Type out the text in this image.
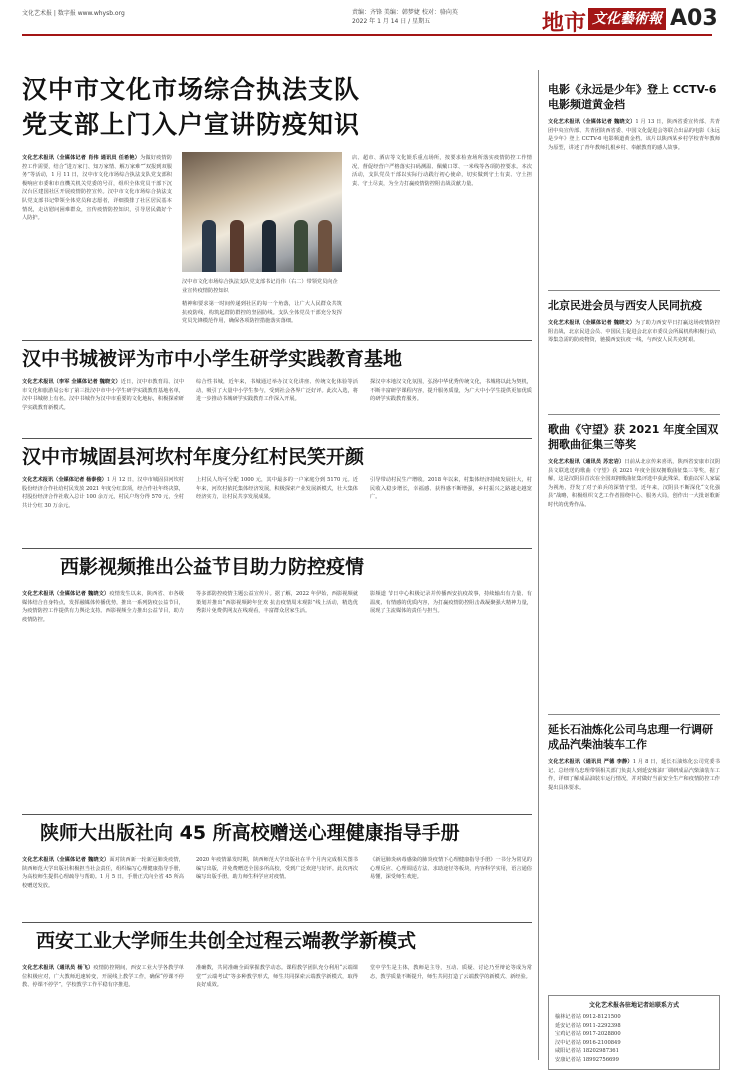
文化艺术报 | 数字报 www.whysb.org	责编：齐锋 美编：韩梦婕 校对：骆向英
2022 年 1 月 14 日 / 星期五	地市 文化藝術報 A03
汉中市文化市场综合执法支队党支部上门入户宣讲防疫知识
文化艺术报讯（全媒体记者 肖伟 通讯员 任希艳）为做好疫情防控工作需要，结合“进万家门、知万家情、解万家难”“双报到双服务”等活动，1 月 11 日，汉中市文化市场综合执法支队党支部积极响应市委和市直機关机关党委的号召，组织全体党员干部下沉汉台区建国社区开展疫情防控宣传。汉中市文化市场综合执法支队党支部书记带领全体党员和志愿者，详细摸排了社区居民基本情况，走访慰问困难群众，宣传疫情防控知识，引导居民做好个人防护。
汉中市文化市场综合执法支队党支部书记肖伟（右二）带领党员向企业宣传疫情防控知识
精神和要求第一时间传递到社区的每一个角落，让广大人民群众共筑抗疫防线，构筑起群防群控的坚固防线。支队全体党员干部充分发挥党员先锋模范作用，确保各项防控措施落实落细。
店、超市、酒店等文化娱乐重点场所，按要求检查场所落实疫情防控工作情况，督促经营户严格落实扫码测温、佩戴口罩、一米线等各项防控要求。本次活动，支队党员干部以实际行动践行初心使命，切实做到守土有责、守土担责、守土尽责，为全力打赢疫情防控阻击战贡献力量。
汉中书城被评为市中小学生研学实践教育基地
文化艺术报讯（李军 全媒体记者 魏晓文）近日，汉中市教育局、汉中市文化和旅游局公布了第三批汉中市中小学生研学实践教育基地名单，汉中书城榜上有名。汉中书城作为汉中市重要的文化地标，积极探索研学实践教育新模式。
综合性书城，近年来，书城通过举办汉文化讲座、传统文化体验等活动，吸引了大量中小学生参与，受到社会各界广泛好评。此次入选，将进一步推动书城研学实践教育工作深入开展。
探汉中本地汉文化氛围，弘扬中华优秀传统文化，书城将以此为契机，不断丰富研学课程内容，提升服务质量，为广大中小学生提供更加优质的研学实践教育服务。
汉中市城固县河坎村年度分红村民笑开颜
文化艺术报讯（全媒体记者 杨泰俊）1 月 12 日，汉中市城固县河坎村股份经济合作社给村民发放 2021 年度分红款项，经合作社年终决算，村股份经济合作社收入总计 100 余万元，村民户均分得 570 元，全村共计分红 30 万余元。
上村民人均可分配 1000 元，其中最多的一户家庭分到 5170 元。近年来，河坎村依托集体经济发展，积极探索产业发展新模式，壮大集体经济实力，让村民共享发展成果。
引导带动村民生产增收。2018 年以来，村集体经济持续发展壮大，村民收入稳步增长，幸福感、获得感不断增强，乡村振兴之路越走越宽广。
西影视频推出公益节目助力防控疫情
文化艺术报讯（全媒体记者 魏晓文）疫情发生以来，陕西省、市各级媒体结合自身特点，发挥融媒体传播优势，推出一系列防疫公益节目，为疫情防控工作提供有力舆论支持。西影视频全力推出公益节目，助力疫情防控。
等多部防控疫情主题公益宣传片。据了解，2022 年伊始，西影视频就策划并推出“西影视频跨年狂欢 抗击疫情周末观影”线上活动，精选优秀影片免费供网友在线观看，丰富群众居家生活。
影频道 节日中心积极记录并传播西安抗疫故事，持续输出有力量、有温度、有情感的优质内容，为打赢疫情防控阻击战凝聚强大精神力量，展现了主流媒体的责任与担当。
陕师大出版社向 45 所高校赠送心理健康指导手册
文化艺术报讯（全媒体记者 魏晓文）面对陕西新一轮新冠肺炎疫情，陕西师范大学出版社积极担当社会责任，组织编写心理健康指导手册，为高校师生提供心理疏导与帮助。1 月 5 日，手册正式向全省 45 所高校赠送发放。
2020 年疫情暴发时期，陕西师范大学出版社在半个月内完成相关图书编写出版，并免费赠送全国多所高校，受到广泛欢迎与好评。此次再次编写出版手册，助力师生科学应对疫情。
《新冠肺炎病毒感染的肺炎疫情下心理健康指导手册》一书分为常见的心理反应、心理调适方法、求助途径等板块，内容科学实用，语言通俗易懂，深受师生欢迎。
西安工业大学师生共创全过程云端教学新模式
文化艺术报讯（通讯员 杨飞）疫情防控期间，西安工业大学各教学单位积极应对，广大教师迅速转变，开展线上教学工作，确保“停课不停教、停课不停学”，学校教学工作平稳有序推进。
准确数，共同准确全面掌握教学动态。课程教学团队充分利用“云端课堂”“云端考试”等多种教学形式，师生共同探索云端教学新模式，取得良好成效。
堂中学生是主体，教师是主导，互动、质疑、讨论乃至辩论等成为常态，教学质量不断提升，师生共同打造了云端教学的新模式、新经验。
电影《永远是少年》登上 CCTV-6 电影频道黄金档
文化艺术报讯（全媒体记者 魏晓文）1 月 13 日，陕西省委宣传部、共青团中央宣传部、共青团陕西省委、中国文化促进会等联合出品的电影《永远是少年》登上 CCTV-6 电影频道黄金档。该片以陕西某乡村学校青年教师为原型，讲述了青年教师扎根乡村、奉献教育的感人故事。
北京民进会员与西安人民同抗疫
文化艺术报讯（全媒体记者 魏晓文）为了助力西安早日打赢这场疫情防控阻击战，北京民进会员、中国民主促进会北京市委员会所属机构积极行动，筹集急需的防疫物资，驰援西安抗疫一线，与西安人民共克时艰。
歌曲《守望》获 2021 年度全国双拥歌曲征集三等奖
文化艺术报讯（通讯员 苏宏岩）日前从北京传来喜讯，陕西省安康市汉阴县文联选送的歌曲《守望》获 2021 年度全国双拥歌曲征集三等奖，据了解，这是汉阴县首次在全国双拥歌曲征集评选中获此殊荣。歌曲以军人家属为视角，抒发了对子弟兵的深情守望。近年来，汉阴县不断深化“文化强县”战略，积极组织文艺工作者围绕中心、服务大局，创作出一大批讴歌新时代的优秀作品。
延长石油炼化公司乌忠理一行调研成品汽柴油装车工作
文化艺术报讯（通讯员 严德 李静）1 月 8 日，延长石油炼化公司党委书记、总经理乌忠理带领相关部门负责人到延安炼油厂调研成品汽柴油装车工作，详细了解成品油装车运行情况，并对做好当前安全生产和疫情防控工作提出具体要求。
文化艺术报各驻地记者站联系方式
榆林记者站 0912-8121500
延安记者站 0911-2292398
宝鸡记者站 0917-2028800
汉中记者站 0916-2100849
咸阳记者站 18202987361
安康记者站 18992756699
